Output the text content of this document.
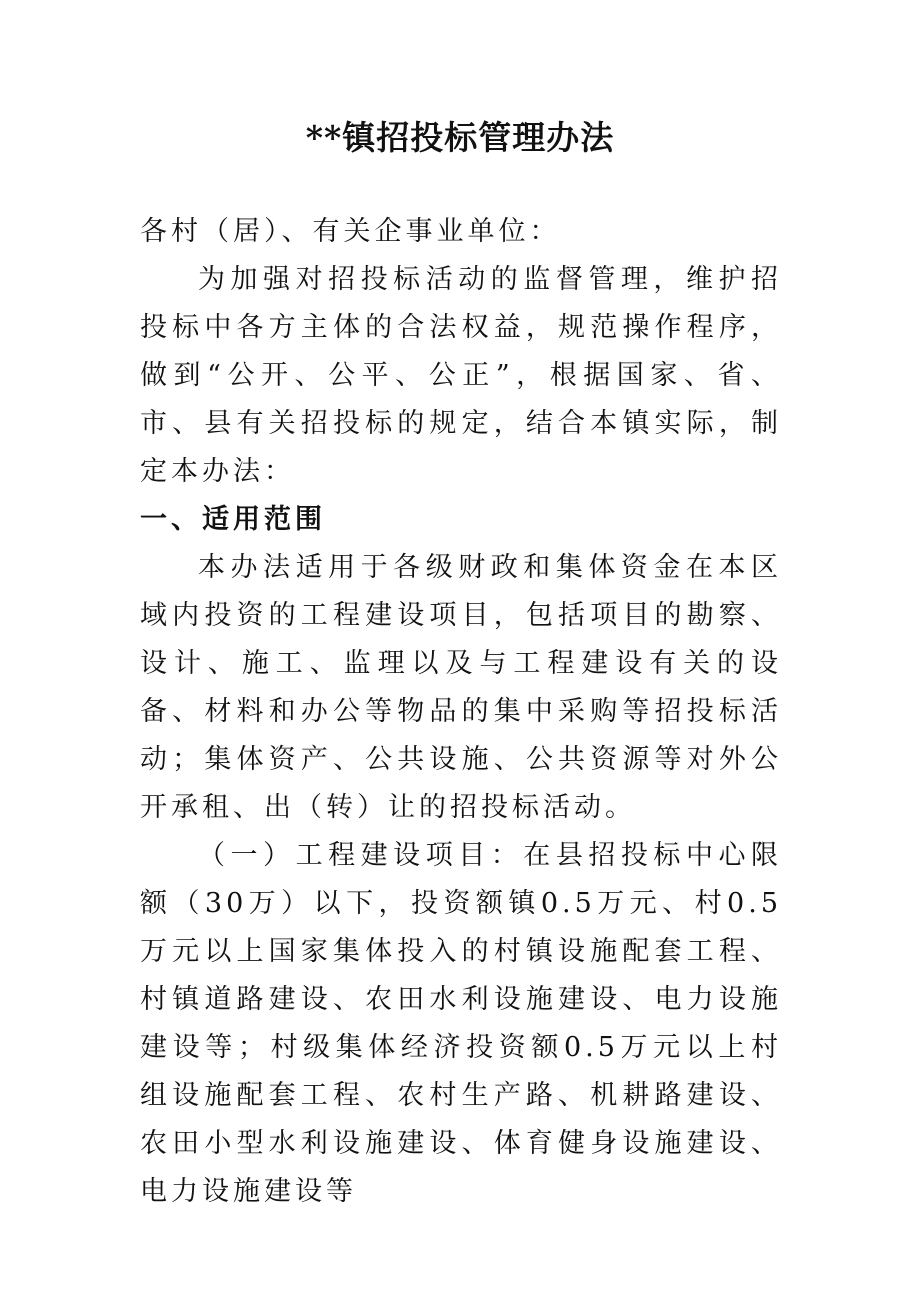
**镇招投标管理办法

各村（居）、有关企事业单位：

为加强对招投标活动的监督管理，维护招投标中各方主体的合法权益，规范操作程序，做到“公开、公平、公正”，根据国家、省、市、县有关招投标的规定，结合本镇实际，制定本办法：

一、适用范围

本办法适用于各级财政和集体资金在本区域内投资的工程建设项目，包括项目的勘察、设计、施工、监理以及与工程建设有关的设备、材料和办公等物品的集中采购等招投标活动；集体资产、公共设施、公共资源等对外公开承租、出（转）让的招投标活动。

（一）工程建设项目：在县招投标中心限额（30万）以下，投资额镇0.5万元、村0.5万元以上国家集体投入的村镇设施配套工程、村镇道路建设、农田水利设施建设、电力设施建设等；村级集体经济投资额0.5万元以上村组设施配套工程、农村生产路、机耕路建设、农田小型水利设施建设、体育健身设施建设、电力设施建设等
